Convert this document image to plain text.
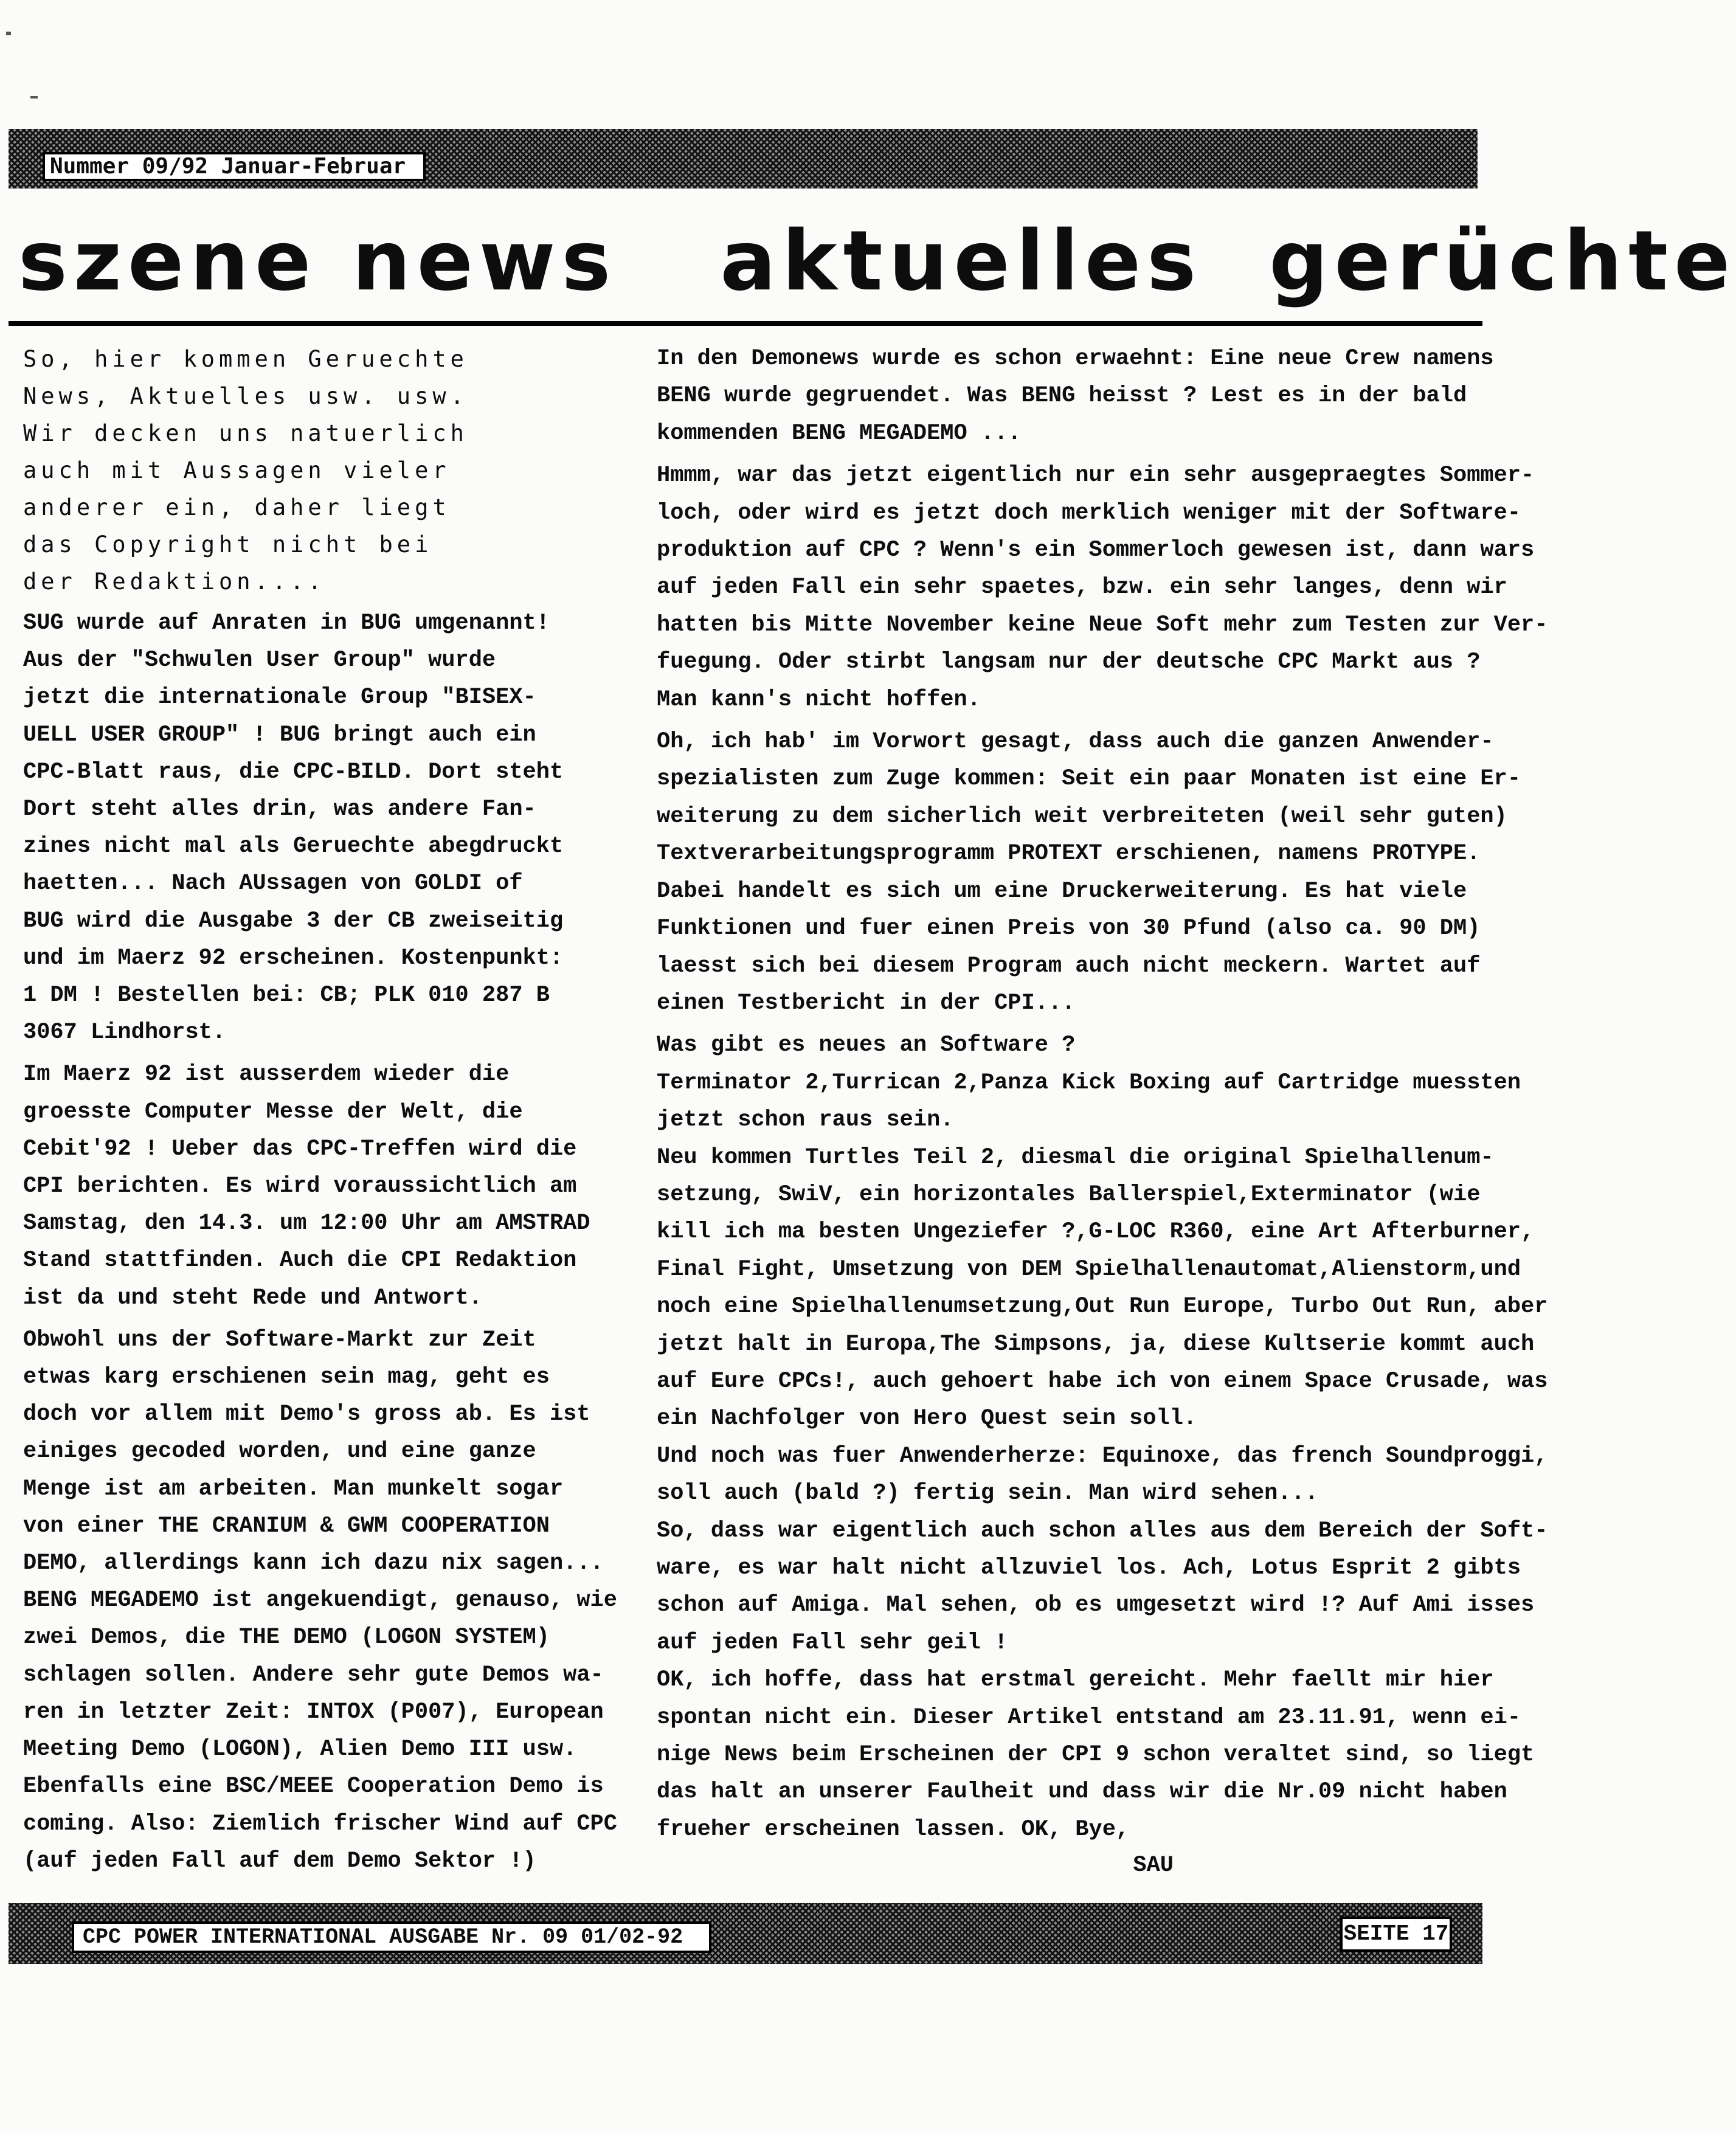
Nummer 09/92 Januar-Februar
szene news aktuelles gerüchte
So, hier kommen Geruechte
News, Aktuelles usw. usw.
Wir decken uns natuerlich
auch mit Aussagen vieler
anderer ein, daher liegt
das Copyright nicht bei
der Redaktion....
SUG wurde auf Anraten in BUG umgenannt!
Aus der "Schwulen User Group" wurde
jetzt die internationale Group "BISEX-
UELL USER GROUP" ! BUG bringt auch ein
CPC-Blatt raus, die CPC-BILD. Dort steht
Dort steht alles drin, was andere Fan-
zines nicht mal als Geruechte abegdruckt
haetten... Nach AUssagen von GOLDI of
BUG wird die Ausgabe 3 der CB zweiseitig
und im Maerz 92 erscheinen. Kostenpunkt:
1 DM ! Bestellen bei: CB; PLK 010 287 B
3067 Lindhorst.
Im Maerz 92 ist ausserdem wieder die
groesste Computer Messe der Welt, die
Cebit'92 ! Ueber das CPC-Treffen wird die
CPI berichten. Es wird voraussichtlich am
Samstag, den 14.3. um 12:00 Uhr am AMSTRAD
Stand stattfinden. Auch die CPI Redaktion
ist da und steht Rede und Antwort.
Obwohl uns der Software-Markt zur Zeit
etwas karg erschienen sein mag, geht es
doch vor allem mit Demo's gross ab. Es ist
einiges gecoded worden, und eine ganze
Menge ist am arbeiten. Man munkelt sogar
von einer THE CRANIUM & GWM COOPERATION
DEMO, allerdings kann ich dazu nix sagen...
BENG MEGADEMO ist angekuendigt, genauso, wie
zwei Demos, die THE DEMO (LOGON SYSTEM)
schlagen sollen. Andere sehr gute Demos wa-
ren in letzter Zeit: INTOX (P007), European
Meeting Demo (LOGON), Alien Demo III usw.
Ebenfalls eine BSC/MEEE Cooperation Demo is
coming. Also: Ziemlich frischer Wind auf CPC
(auf jeden Fall auf dem Demo Sektor !)
In den Demonews wurde es schon erwaehnt: Eine neue Crew namens
BENG wurde gegruendet. Was BENG heisst ? Lest es in der bald
kommenden BENG MEGADEMO ...
Hmmm, war das jetzt eigentlich nur ein sehr ausgepraegtes Sommer-
loch, oder wird es jetzt doch merklich weniger mit der Software-
produktion auf CPC ? Wenn's ein Sommerloch gewesen ist, dann wars
auf jeden Fall ein sehr spaetes, bzw. ein sehr langes, denn wir
hatten bis Mitte November keine Neue Soft mehr zum Testen zur Ver-
fuegung. Oder stirbt langsam nur der deutsche CPC Markt aus ?
Man kann's nicht hoffen.
Oh, ich hab' im Vorwort gesagt, dass auch die ganzen Anwender-
spezialisten zum Zuge kommen: Seit ein paar Monaten ist eine Er-
weiterung zu dem sicherlich weit verbreiteten (weil sehr guten)
Textverarbeitungsprogramm PROTEXT erschienen, namens PROTYPE.
Dabei handelt es sich um eine Druckerweiterung. Es hat viele
Funktionen und fuer einen Preis von 30 Pfund (also ca. 90 DM)
laesst sich bei diesem Program auch nicht meckern. Wartet auf
einen Testbericht in der CPI...
Was gibt es neues an Software ?
Terminator 2,Turrican 2,Panza Kick Boxing auf Cartridge muessten
jetzt schon raus sein.
Neu kommen Turtles Teil 2, diesmal die original Spielhallenum-
setzung, SwiV, ein horizontales Ballerspiel,Exterminator (wie
kill ich ma besten Ungeziefer ?,G-LOC R360, eine Art Afterburner,
Final Fight, Umsetzung von DEM Spielhallenautomat,Alienstorm,und
noch eine Spielhallenumsetzung,Out Run Europe, Turbo Out Run, aber
jetzt halt in Europa,The Simpsons, ja, diese Kultserie kommt auch
auf Eure CPCs!, auch gehoert habe ich von einem Space Crusade, was
ein Nachfolger von Hero Quest sein soll.
Und noch was fuer Anwenderherze: Equinoxe, das french Soundproggi,
soll auch (bald ?) fertig sein. Man wird sehen...
So, dass war eigentlich auch schon alles aus dem Bereich der Soft-
ware, es war halt nicht allzuviel los. Ach, Lotus Esprit 2 gibts
schon auf Amiga. Mal sehen, ob es umgesetzt wird !? Auf Ami isses
auf jeden Fall sehr geil !
OK, ich hoffe, dass hat erstmal gereicht. Mehr faellt mir hier
spontan nicht ein. Dieser Artikel entstand am 23.11.91, wenn ei-
nige News beim Erscheinen der CPI 9 schon veraltet sind, so liegt
das halt an unserer Faulheit und dass wir die Nr.09 nicht haben
frueher erscheinen lassen. OK, Bye,
SAU
CPC POWER INTERNATIONAL AUSGABE Nr. 09 01/02-92	SEITE 17
